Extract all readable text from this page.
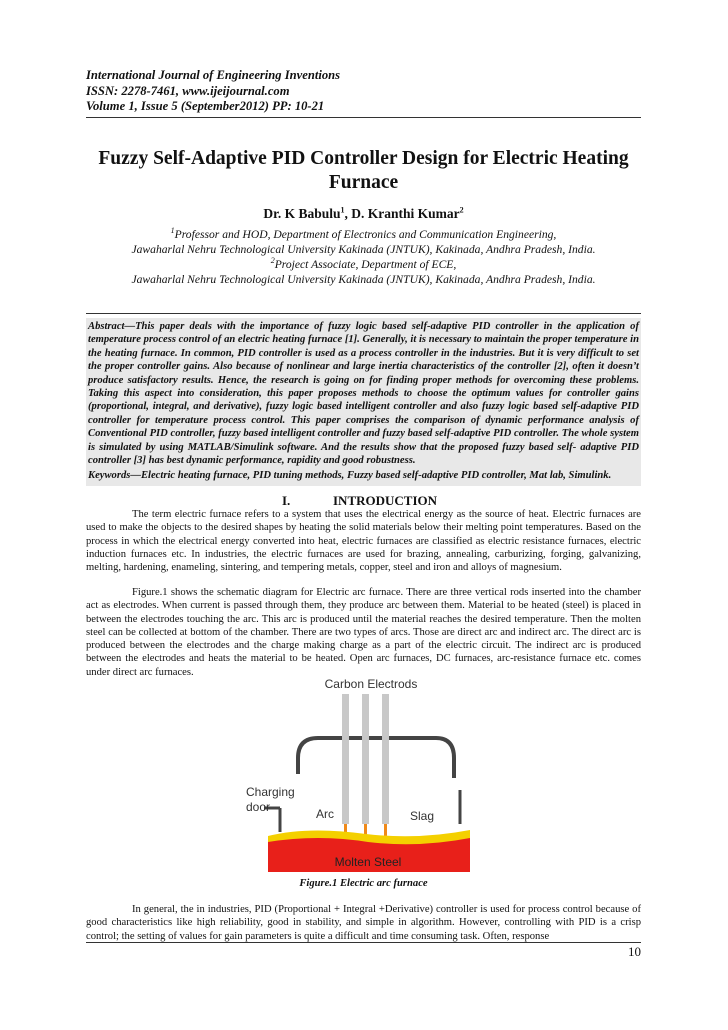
International Journal of Engineering Inventions
ISSN: 2278-7461, www.ijeijournal.com
Volume 1, Issue 5 (September2012) PP: 10-21
Fuzzy Self-Adaptive PID Controller Design for Electric Heating
Furnace
Dr. K Babulu$^1$, D. Kranthi Kumar$^2$
$^1$Professor and HOD, Department of Electronics and Communication Engineering,
Jawaharlal Nehru Technological University Kakinada (JNTUK), Kakinada, Andhra Pradesh, India.
$^2$Project Associate, Department of ECE,
Jawaharlal Nehru Technological University Kakinada (JNTUK), Kakinada, Andhra Pradesh, India.
Abstract—This paper deals with the importance of fuzzy logic based self-adaptive PID controller in the application of temperature process control of an electric heating furnace [1]. Generally, it is necessary to maintain the proper temperature in the heating furnace. In common, PID controller is used as a process controller in the industries. But it is very difficult to set the proper controller gains. Also because of nonlinear and large inertia characteristics of the controller [2], often it doesn’t produce satisfactory results. Hence, the research is going on for finding proper methods for overcoming these problems. Taking this aspect into consideration, this paper proposes methods to choose the optimum values for controller gains (proportional, integral, and derivative), fuzzy logic based intelligent controller and also fuzzy logic based self-adaptive PID controller for temperature process control. This paper comprises the comparison of dynamic performance analysis of Conventional PID controller, fuzzy based intelligent controller and fuzzy based self-adaptive PID controller. The whole system is simulated by using MATLAB/Simulink software. And the results show that the proposed fuzzy based self- adaptive PID controller [3] has best dynamic performance, rapidity and good robustness.
Keywords—Electric heating furnace, PID tuning methods, Fuzzy based self-adaptive PID controller, Mat lab, Simulink.
I.	INTRODUCTION
The term electric furnace refers to a system that uses the electrical energy as the source of heat. Electric furnaces are used to make the objects to the desired shapes by heating the solid materials below their melting point temperatures. Based on the process in which the electrical energy converted into heat, electric furnaces are classified as electric resistance furnaces, electric induction furnaces etc. In industries, the electric furnaces are used for brazing, annealing, carburizing, forging, galvanizing, melting, hardening, enameling, sintering, and tempering metals, copper, steel and iron and alloys of magnesium.
Figure.1 shows the schematic diagram for Electric arc furnace. There are three vertical rods inserted into the chamber act as electrodes. When current is passed through them, they produce arc between them. Material to be heated (steel) is placed in between the electrodes touching the arc. This arc is produced until the material reaches the desired temperature. Then the molten steel can be collected at bottom of the chamber. There are two types of arcs. Those are direct arc and indirect arc. The direct arc is produced between the electrodes and the charge making charge as a part of the electric circuit. The indirect arc is produced between the electrodes and heats the material to be heated. Open arc furnaces, DC furnaces, arc-resistance furnace etc. comes under direct arc furnaces.
Carbon Electrods
Charging
door	Arc	Slag
Molten Steel
Figure.1 Electric arc furnace
In general, the in industries, PID (Proportional + Integral +Derivative) controller is used for process control because of good characteristics like high reliability, good in stability, and simple in algorithm. However, controlling with PID is a crisp control; the setting of values for gain parameters is quite a difficult and time consuming task. Often, response
10
